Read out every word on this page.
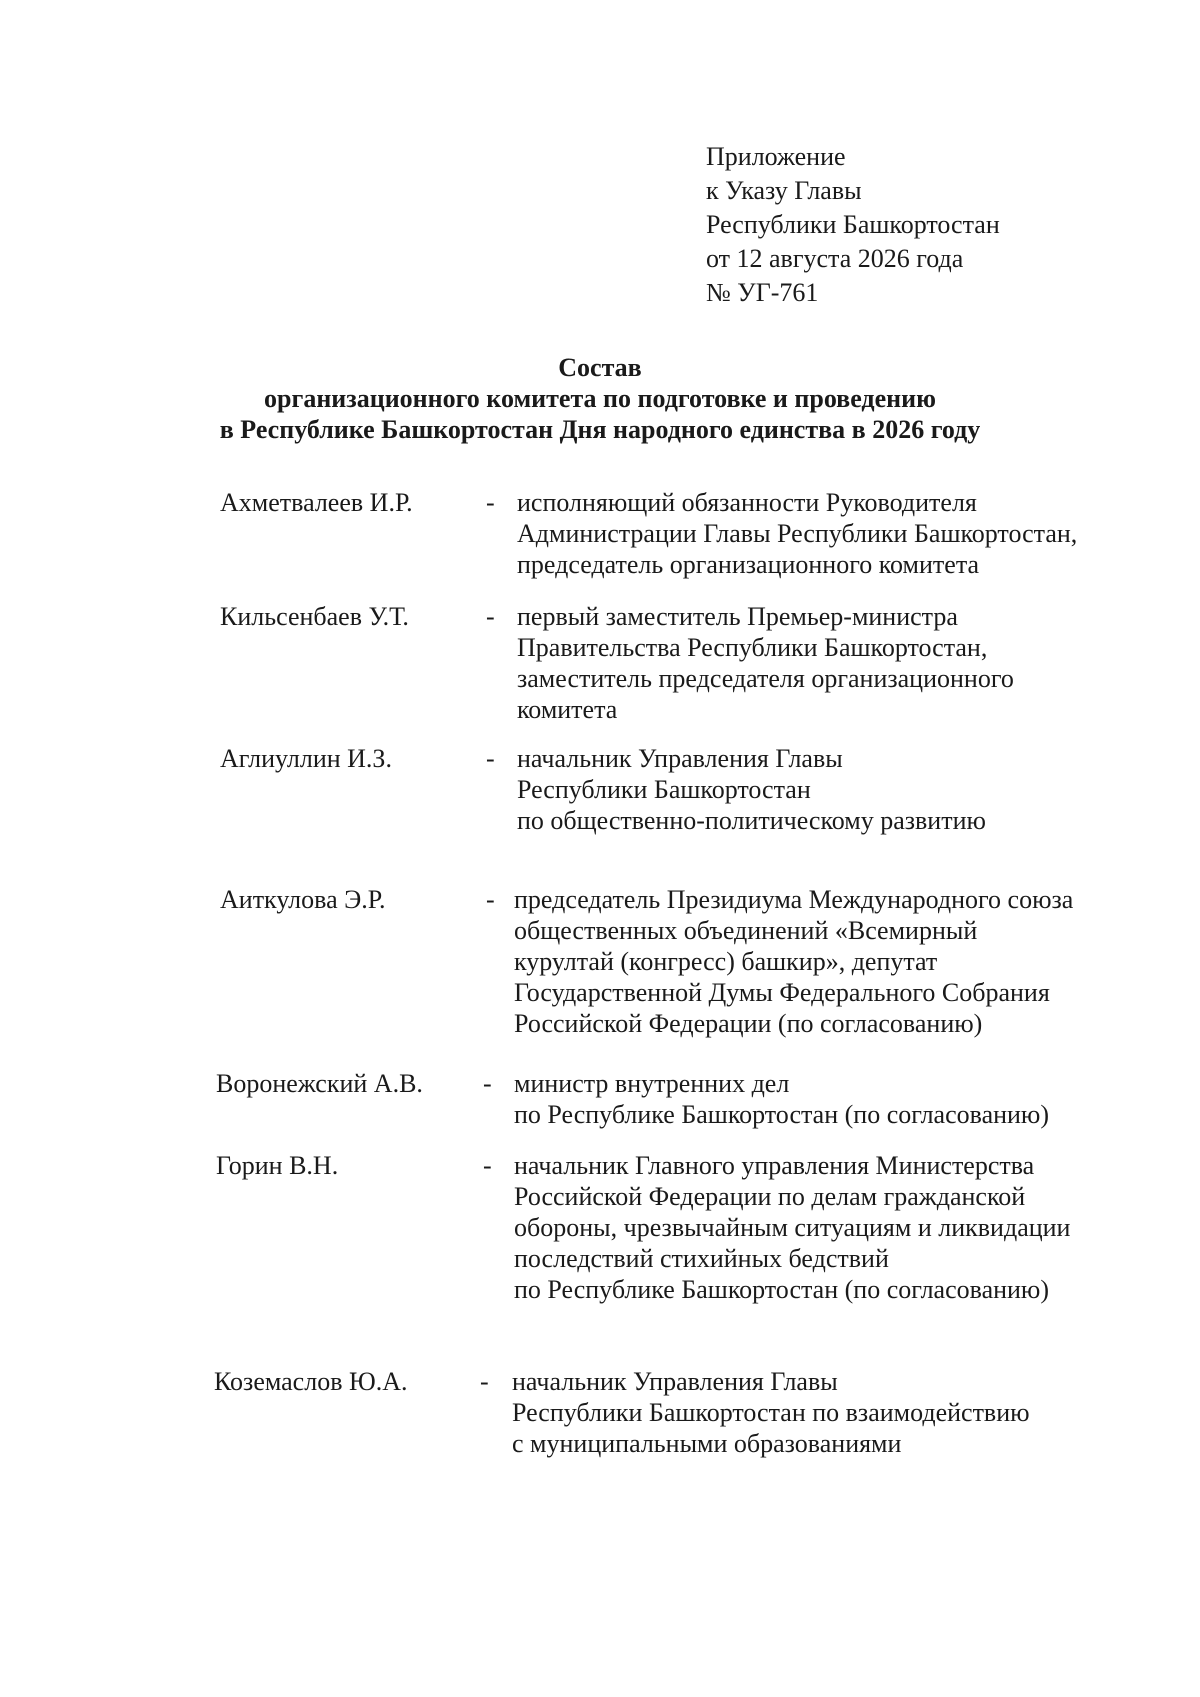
Приложение
к Указу Главы
Республики Башкортостан
от 12 августа 2026 года
№ УГ-761
Состав
организационного комитета по подготовке и проведению
в Республике Башкортостан Дня народного единства в 2026 году
Ахметвалеев И.Р.	- исполняющий обязанности Руководителя
Администрации Главы Республики Башкортостан,
председатель организационного комитета
Кильсенбаев У.Т.	- первый заместитель Премьер-министра
Правительства Республики Башкортостан,
заместитель председателя организационного
комитета
Аглиуллин И.З.	- начальник Управления Главы
Республики Башкортостан
по общественно-политическому развитию
Аиткулова Э.Р.	- председатель Президиума Международного союза
общественных объединений «Всемирный
курултай (конгресс) башкир», депутат
Государственной Думы Федерального Собрания
Российской Федерации (по согласованию)
Воронежский А.В. - министр внутренних дел
по Республике Башкортостан (по согласованию)
Горин В.Н.	- начальник Главного управления Министерства
Российской Федерации по делам гражданской
обороны, чрезвычайным ситуациям и ликвидации
последствий стихийных бедствий
по Республике Башкортостан (по согласованию)
Коземаслов Ю.А.	- начальник Управления Главы
Республики Башкортостан по взаимодействию
с муниципальными образованиями
